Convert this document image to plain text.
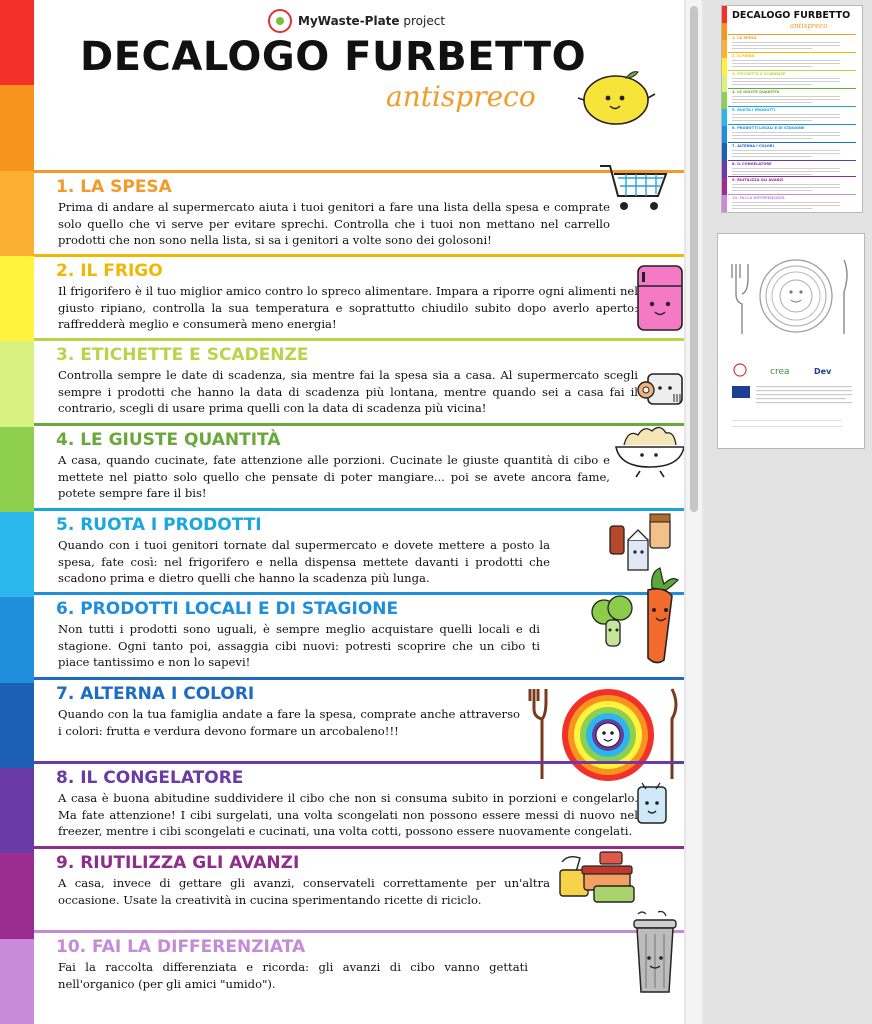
MyWaste-Plate project
DECALOGO FURBETTO
antispreco
1. LA SPESA

Prima di andare al supermercato aiuta i tuoi genitori a fare una lista della spesa e comprate solo quello che vi serve per evitare sprechi. Controlla che i tuoi non mettano nel carrello prodotti che non sono nella lista, si sa i genitori a volte sono dei golosoni!

2. IL FRIGO

Il frigorifero è il tuo miglior amico contro lo spreco alimentare. Impara a riporre ogni alimenti nel giusto ripiano, controlla la sua temperatura e soprattutto chiudilo subito dopo averlo aperto: raffredderà meglio e consumerà meno energia!

3. ETICHETTE E SCADENZE

Controlla sempre le date di scadenza, sia mentre fai la spesa sia a casa. Al supermercato scegli sempre i prodotti che hanno la data di scadenza più lontana, mentre quando sei a casa fai il contrario, scegli di usare prima quelli con la data di scadenza più vicina!

4. LE GIUSTE QUANTITÀ

A casa, quando cucinate, fate attenzione alle porzioni. Cucinate le giuste quantità di cibo e mettete nel piatto solo quello che pensate di poter mangiare... poi se avete ancora fame, potete sempre fare il bis!

5. RUOTA I PRODOTTI

Quando con i tuoi genitori tornate dal supermercato e dovete mettere a posto la spesa, fate così: nel frigorifero e nella dispensa mettete davanti i prodotti che scadono prima e dietro quelli che hanno la scadenza più lunga.

6. PRODOTTI LOCALI E DI STAGIONE

Non tutti i prodotti sono uguali, è sempre meglio acquistare quelli locali e di stagione. Ogni tanto poi, assaggia cibi nuovi: potresti scoprire che un cibo ti piace tantissimo e non lo sapevi!

7. ALTERNA I COLORI

Quando con la tua famiglia andate a fare la spesa, comprate anche attraverso i colori: frutta e verdura devono formare un arcobaleno!!!

8. IL CONGELATORE

A casa è buona abitudine suddividere il cibo che non si consuma subito in porzioni e congelarlo. Ma fate attenzione! I cibi surgelati, una volta scongelati non possono essere messi di nuovo nel freezer, mentre i cibi scongelati e cucinati, una volta cotti, possono essere nuovamente congelati.

9. RIUTILIZZA GLI AVANZI

A casa, invece di gettare gli avanzi, conservateli correttamente per un'altra occasione. Usate la creatività in cucina sperimentando ricette di riciclo.

10. FAI LA DIFFERENZIATA

Fai la raccolta differenziata e ricorda: gli avanzi di cibo vanno gettati nell'organico (per gli amici "umido").

DECALOGO FURBETTO
antispreco
1. LA SPESA
2. IL FRIGO
3. ETICHETTE E SCADENZE
4. LE GIUSTE QUANTITÀ
5. RUOTA I PRODOTTI
6. PRODOTTI LOCALI E DI STAGIONE
7. ALTERNA I COLORI
8. IL CONGELATORE
9. RIUTILIZZA GLI AVANZI
10. FAI LA DIFFERENZIATA
crea	Dev
